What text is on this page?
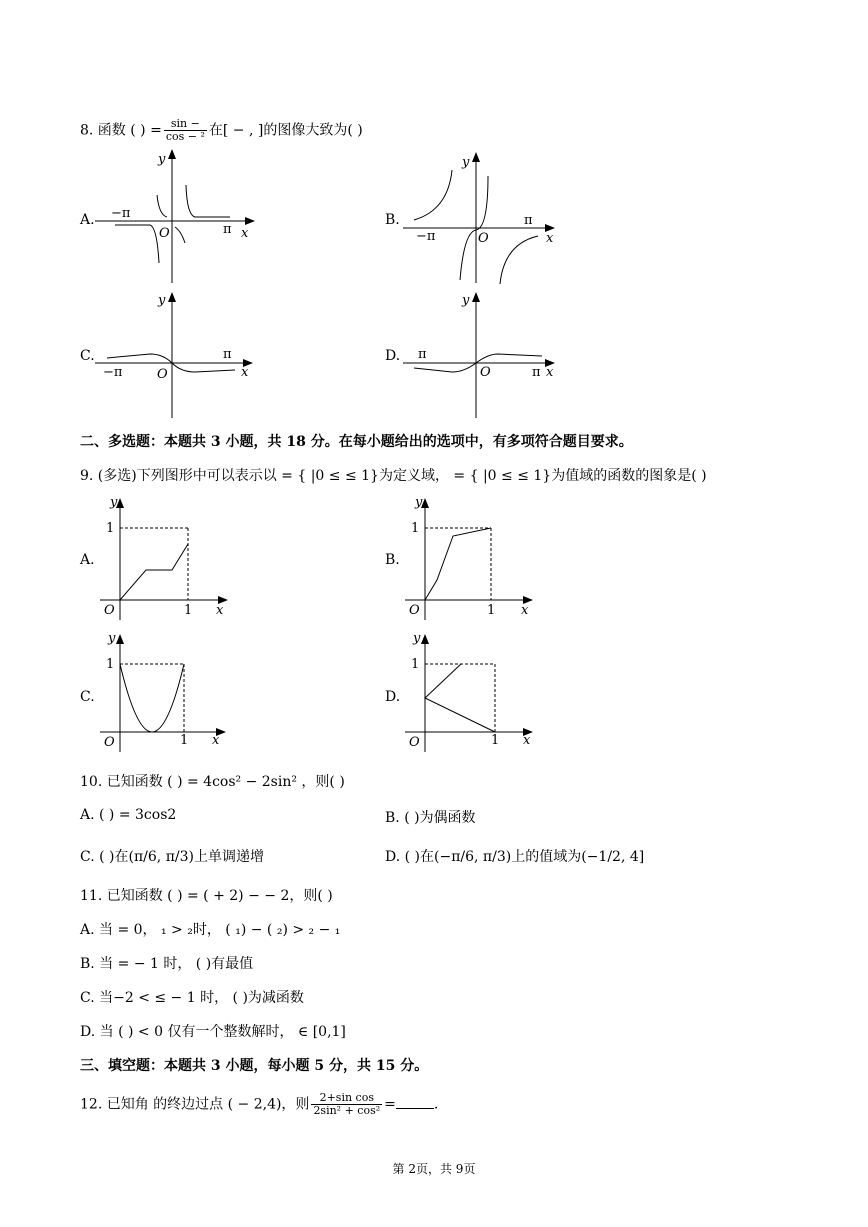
8. 函数 ( ) = $\frac{\sin -}{\text{cos − ²}}$ 在[ − , ]的图像大致为( )
A.	B.
C.	D.
−π
π
O	x
y
−π
π
O	x
y
−π
π
O	x
y
π
π
O	x
y
二、多选题：本题共 3 小题，共 18 分。在每小题给出的选项中，有多项符合题目要求。
9. (多选)下列图形中可以表示以 = { |0 ≤ ≤ 1}为定义域， = { |0 ≤ ≤ 1}为值域的函数的图象是( )
A.	B.
C.	D.
1
1
O	x
y
1
1
O	x
y
1
1
O	x
y
1
1
O	x
y
10. 已知函数 ( ) = 4cos² − 2sin² ，则( )
A. ( ) = 3cos2	B. ( )为偶函数
C. ( )在(π/6, π/3)上单调递增	D. ( )在(−π/6, π/3)上的值域为(−1/2, 4]
11. 已知函数 ( ) = ( + 2) − − 2，则( )
A. 当 = 0， ₁ > ₂时， ( ₁) − ( ₂) > ₂ − ₁
B. 当 = − 1 时， ( )有最值
C. 当−2 < ≤ − 1 时， ( )为减函数
D. 当 ( ) < 0 仅有一个整数解时， ∈ [0,1]
三、填空题：本题共 3 小题，每小题 5 分，共 15 分。
12. 已知角 的终边过点 ( − 2,4)，则 $\frac{\text{2+sin cos}}{\text{2sin² + cos²}}$ =	.
第 2页，共 9页
